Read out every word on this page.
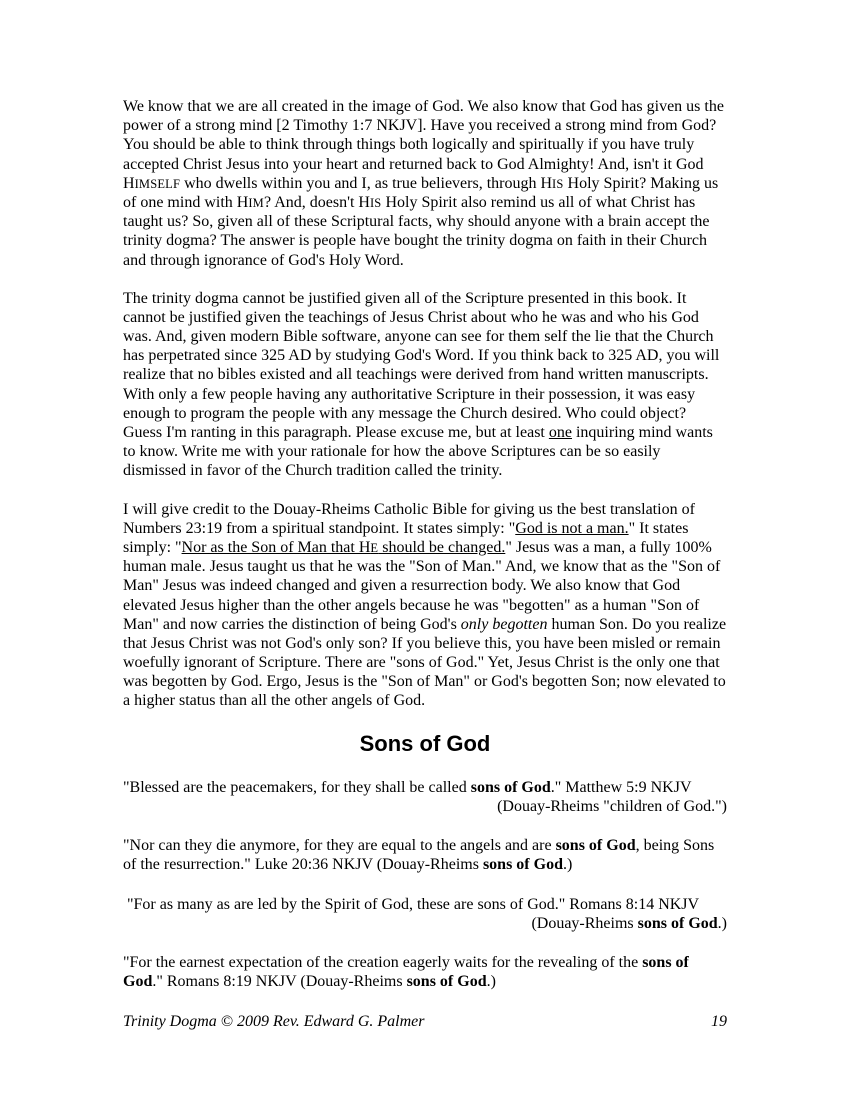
We know that we are all created in the image of God. We also know that God has given us the power of a strong mind [2 Timothy 1:7 NKJV]. Have you received a strong mind from God? You should be able to think through things both logically and spiritually if you have truly accepted Christ Jesus into your heart and returned back to God Almighty! And, isn't it God HIMSELF who dwells within you and I, as true believers, through HIS Holy Spirit? Making us of one mind with HIM? And, doesn't HIS Holy Spirit also remind us all of what Christ has taught us? So, given all of these Scriptural facts, why should anyone with a brain accept the trinity dogma? The answer is people have bought the trinity dogma on faith in their Church and through ignorance of God's Holy Word.

The trinity dogma cannot be justified given all of the Scripture presented in this book. It cannot be justified given the teachings of Jesus Christ about who he was and who his God was. And, given modern Bible software, anyone can see for them self the lie that the Church has perpetrated since 325 AD by studying God's Word. If you think back to 325 AD, you will realize that no bibles existed and all teachings were derived from hand written manuscripts. With only a few people having any authoritative Scripture in their possession, it was easy enough to program the people with any message the Church desired. Who could object? Guess I'm ranting in this paragraph. Please excuse me, but at least one inquiring mind wants to know. Write me with your rationale for how the above Scriptures can be so easily dismissed in favor of the Church tradition called the trinity.

I will give credit to the Douay-Rheims Catholic Bible for giving us the best translation of Numbers 23:19 from a spiritual standpoint. It states simply: "God is not a man." It states simply: "Nor as the Son of Man that HE should be changed." Jesus was a man, a fully 100% human male. Jesus taught us that he was the "Son of Man." And, we know that as the "Son of Man" Jesus was indeed changed and given a resurrection body. We also know that God elevated Jesus higher than the other angels because he was "begotten" as a human "Son of Man" and now carries the distinction of being God's only begotten human Son. Do you realize that Jesus Christ was not God's only son? If you believe this, you have been misled or remain woefully ignorant of Scripture. There are "sons of God." Yet, Jesus Christ is the only one that was begotten by God. Ergo, Jesus is the "Son of Man" or God's begotten Son; now elevated to a higher status than all the other angels of God.

Sons of God
"Blessed are the peacemakers, for they shall be called sons of God." Matthew 5:9 NKJV
(Douay-Rheims "children of God.")
"Nor can they die anymore, for they are equal to the angels and are sons of God, being Sons of the resurrection." Luke 20:36 NKJV (Douay-Rheims sons of God.)
"For as many as are led by the Spirit of God, these are sons of God." Romans 8:14 NKJV
(Douay-Rheims sons of God.)
"For the earnest expectation of the creation eagerly waits for the revealing of the sons of God." Romans 8:19 NKJV (Douay-Rheims sons of God.)
Trinity Dogma © 2009 Rev. Edward G. Palmer	19
